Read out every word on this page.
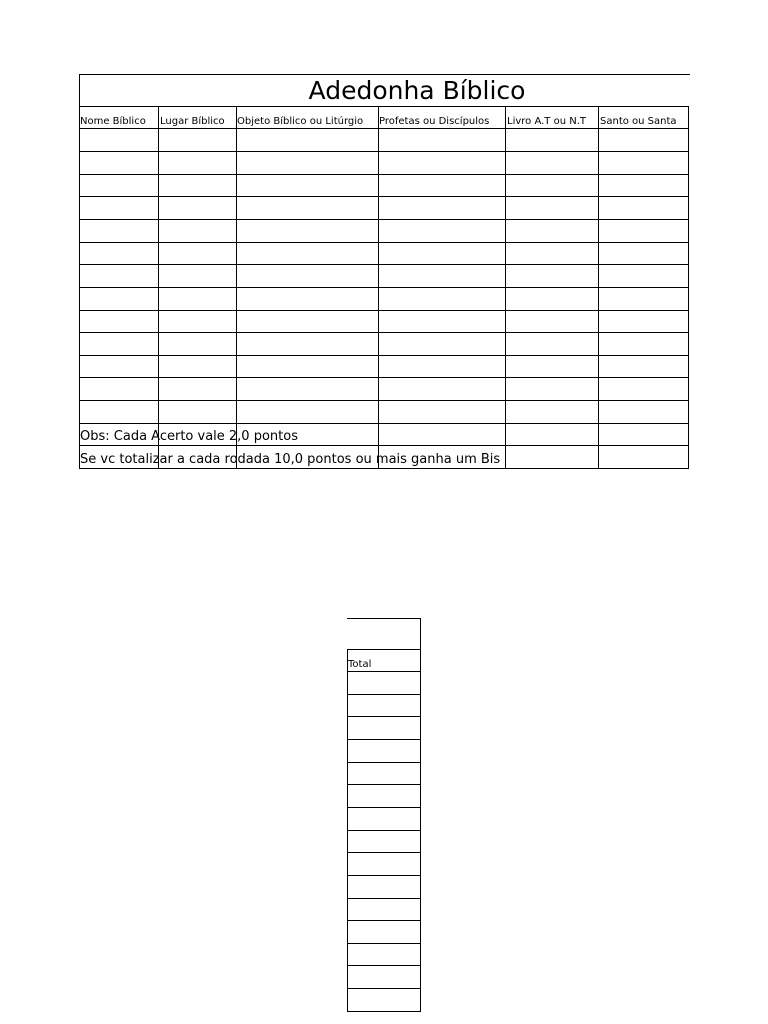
Adedonha Bíblico
Nome Bíblico Lugar Bíblico Objeto Bíblico ou Litúrgio Profetas ou Discípulos Livro A.T ou N.T Santo ou Santa
Obs: Cada Acerto vale 2,0 pontos
Se vc totalizar a cada rodada 10,0 pontos ou mais ganha um Bis
Total
